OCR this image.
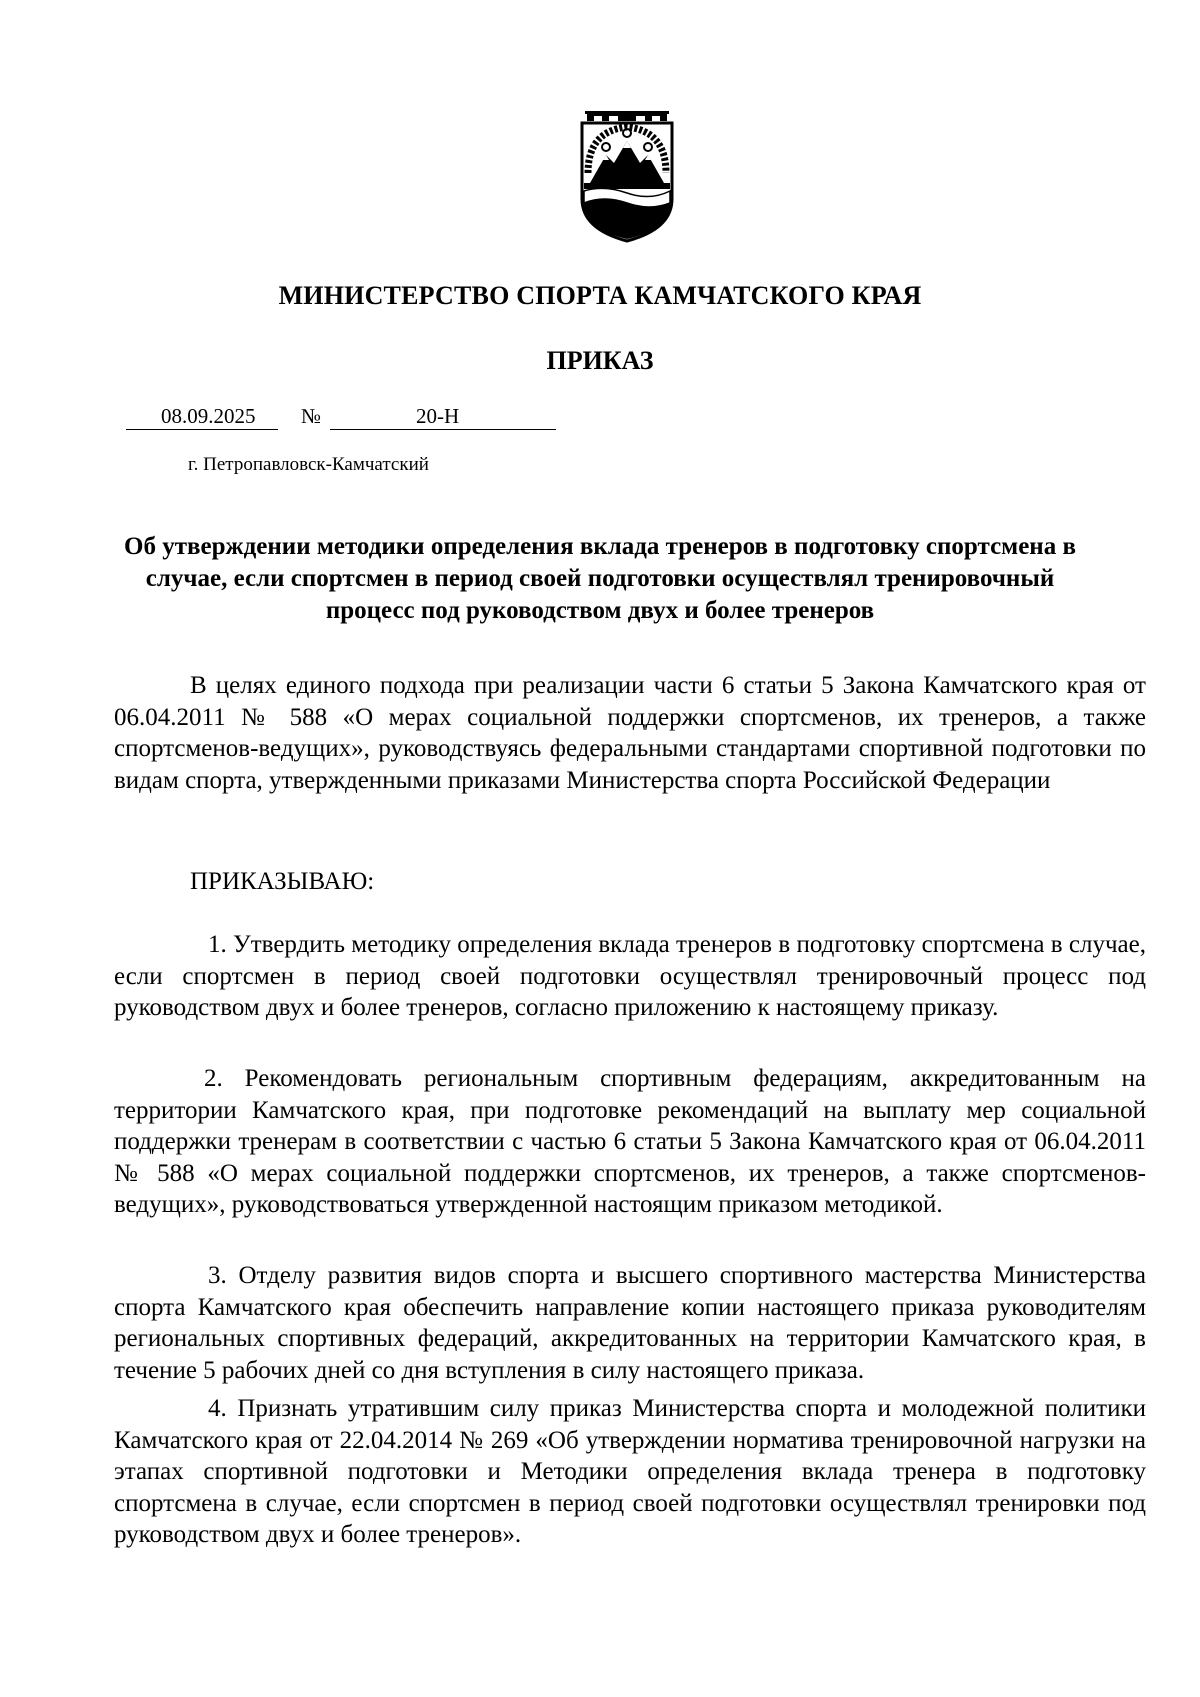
МИНИСТЕРСТВО СПОРТА КАМЧАТСКОГО КРАЯ
ПРИКАЗ
08.09.2025 №	20-Н
г. Петропавловск-Камчатский
Об утверждении методики определения вклада тренеров в подготовку спортсмена в случае, если спортсмен в период своей подготовки осуществлял тренировочный процесс под руководством двух и более тренеров
В целях единого подхода при реализации части 6 статьи 5 Закона Камчатского края от 06.04.2011 № 588 «О мерах социальной поддержки спортсменов, их тренеров, а также спортсменов-ведущих», руководствуясь федеральными стандартами спортивной подготовки по видам спорта, утвержденными приказами Министерства спорта Российской Федерации
ПРИКАЗЫВАЮ:
1. Утвердить методику определения вклада тренеров в подготовку спортсмена в случае, если спортсмен в период своей подготовки осуществлял тренировочный процесс под руководством двух и более тренеров, согласно приложению к настоящему приказу.
2. Рекомендовать региональным спортивным федерациям, аккредитованным на территории Камчатского края, при подготовке рекомендаций на выплату мер социальной поддержки тренерам в соответствии с частью 6 статьи 5 Закона Камчатского края от 06.04.2011 № 588 «О мерах социальной поддержки спортсменов, их тренеров, а также спортсменов-ведущих», руководствоваться утвержденной настоящим приказом методикой.
3. Отделу развития видов спорта и высшего спортивного мастерства Министерства спорта Камчатского края обеспечить направление копии настоящего приказа руководителям региональных спортивных федераций, аккредитованных на территории Камчатского края, в течение 5 рабочих дней со дня вступления в силу настоящего приказа.
4. Признать утратившим силу приказ Министерства спорта и молодежной политики Камчатского края от 22.04.2014 № 269 «Об утверждении норматива тренировочной нагрузки на этапах спортивной подготовки и Методики определения вклада тренера в подготовку спортсмена в случае, если спортсмен в период своей подготовки осуществлял тренировки под руководством двух и более тренеров».
